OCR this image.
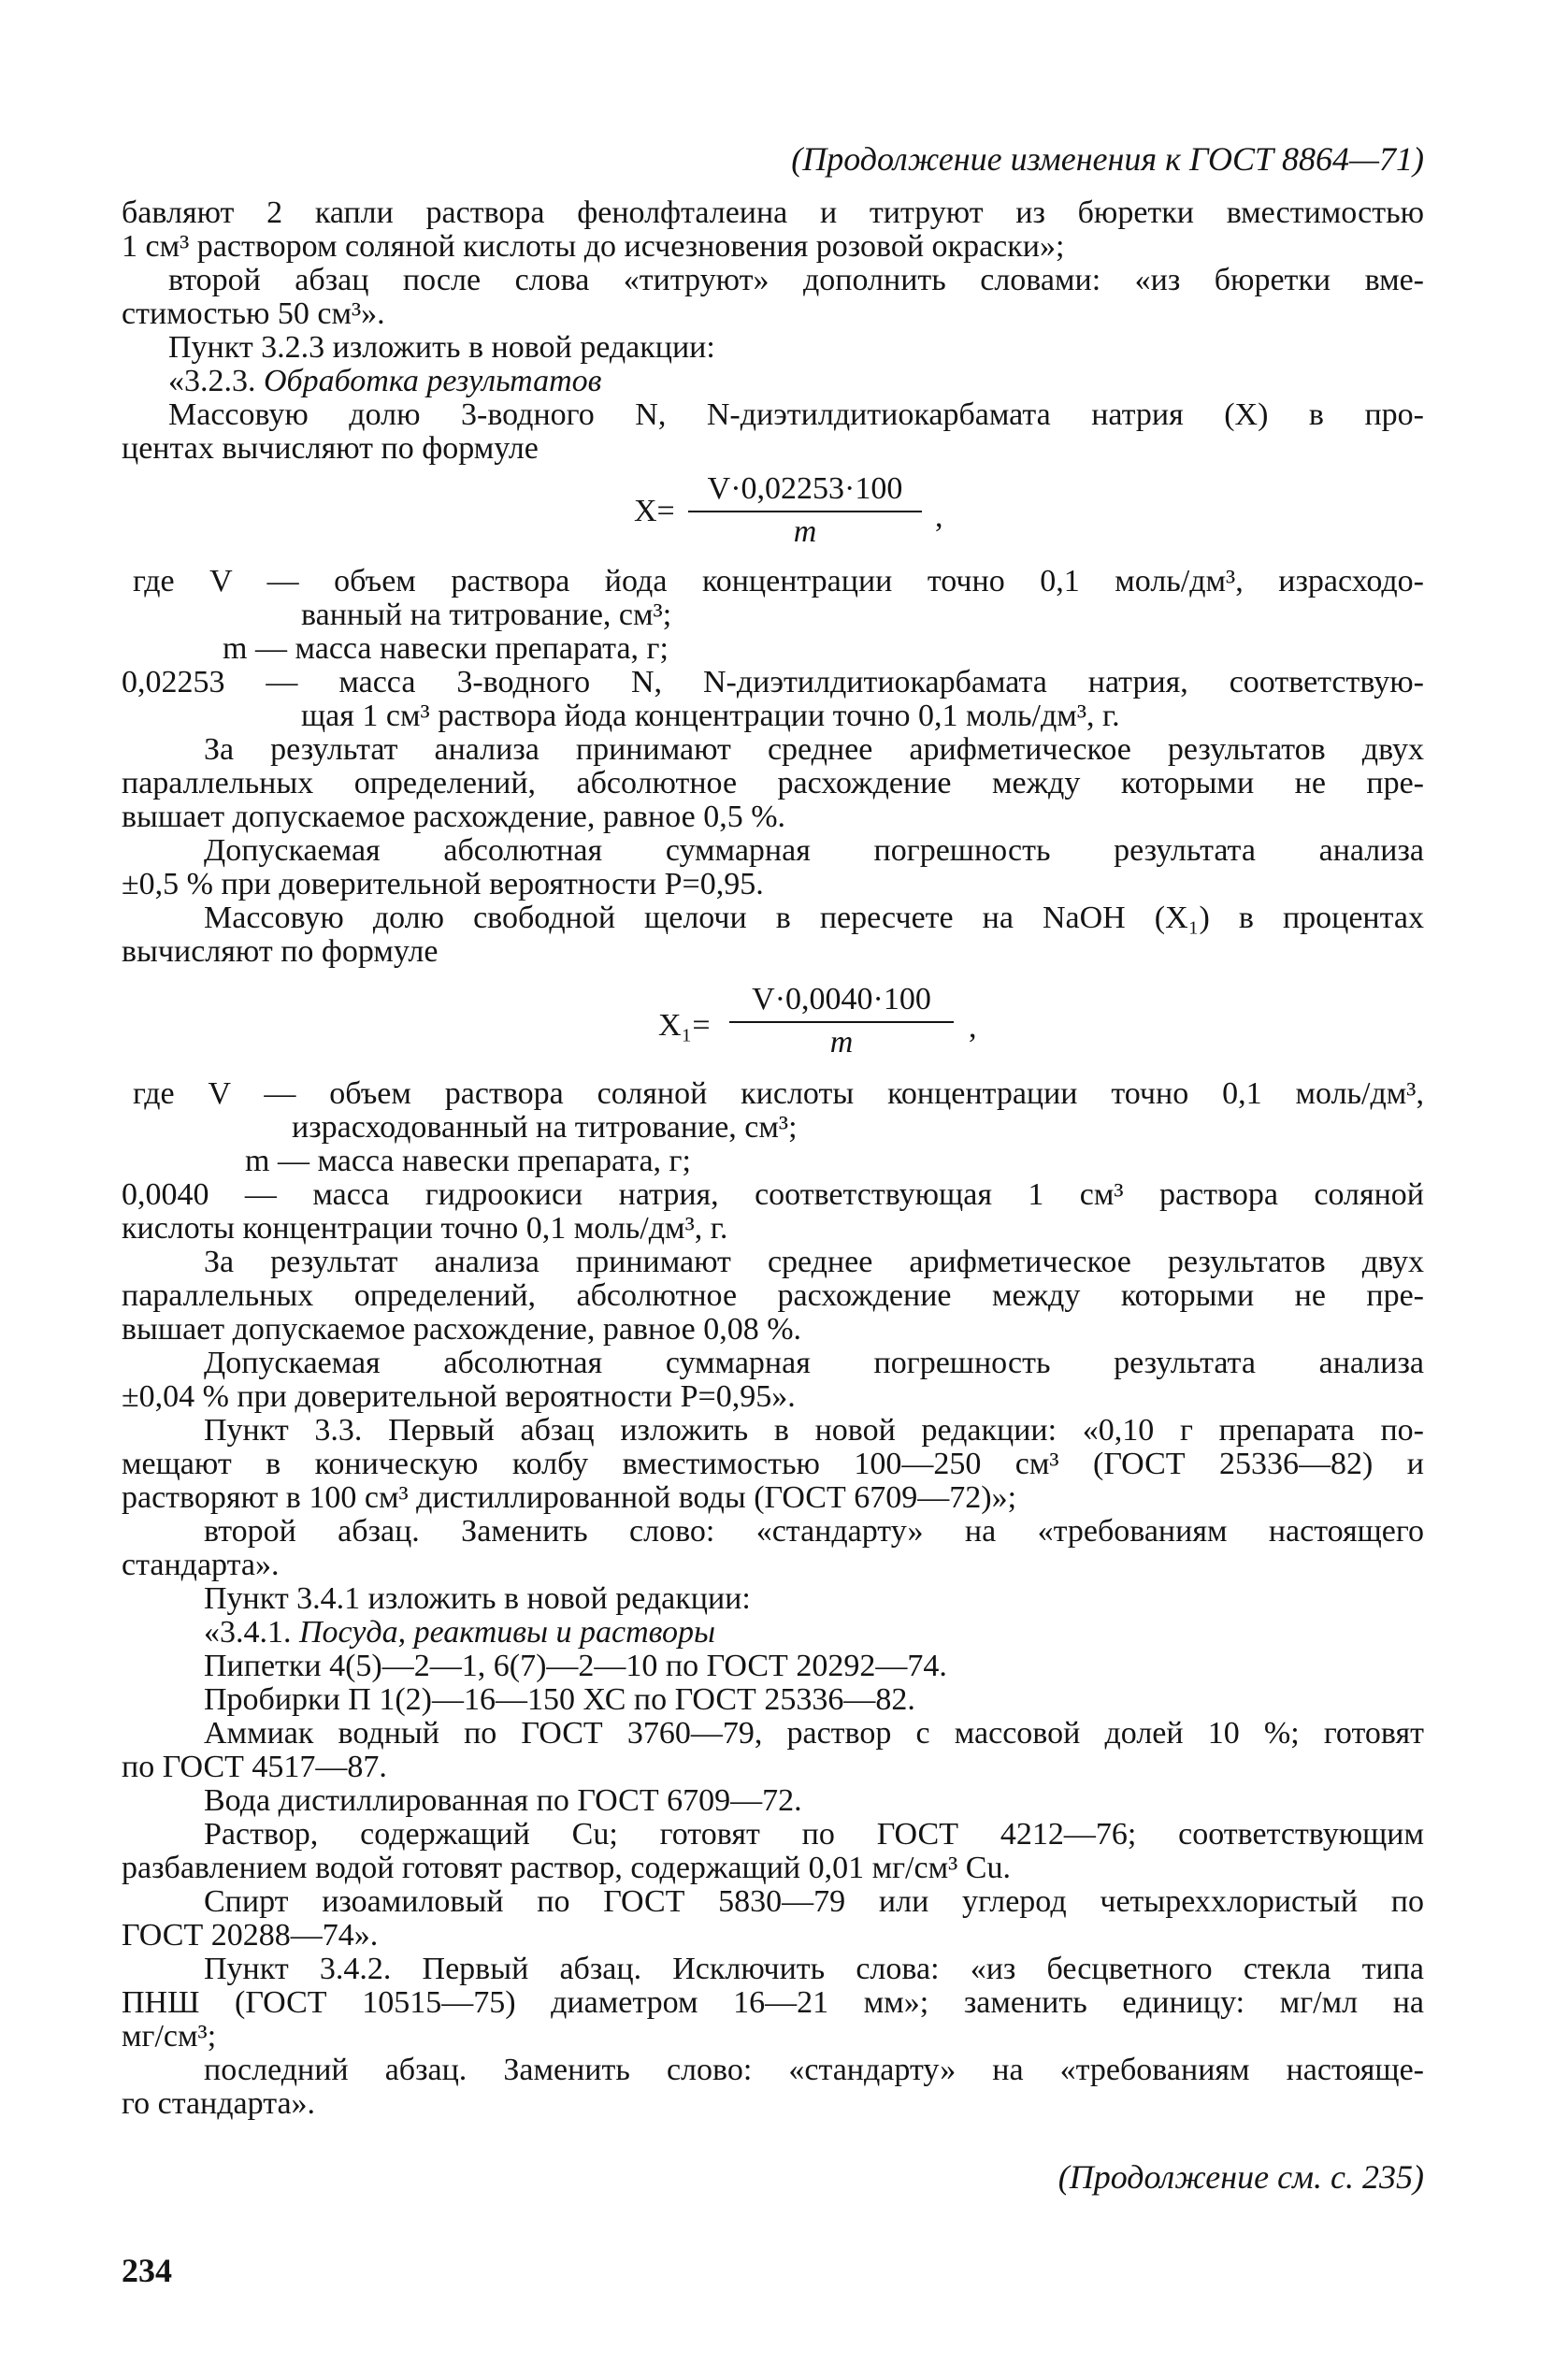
(Продолжение изменения к ГОСТ 8864—71)
бавляют 2 капли раствора фенолфталеина и титруют из бюретки вместимостью
1 см³ раствором соляной кислоты до исчезновения розовой окраски»;
второй абзац после слова «титруют» дополнить словами: «из бюретки вме-
стимостью 50 см³».
Пункт 3.2.3 изложить в новой редакции:
«3.2.3. Обработка результатов
Массовую долю 3-водного N, N-диэтилдитиокарбамата натрия (X) в про-
центах вычисляют по формуле
X=
V·0,02253·100
m	,
где V — объем раствора йода концентрации точно 0,1 моль/дм³, израсходо-
ванный на титрование, см³;
m — масса навески препарата, г;
0,02253 — масса 3-водного N, N-диэтилдитиокарбамата натрия, соответствую-
щая 1 см³ раствора йода концентрации точно 0,1 моль/дм³, г.
За результат анализа принимают среднее арифметическое результатов двух
параллельных определений, абсолютное расхождение между которыми не пре-
вышает допускаемое расхождение, равное 0,5 %.
Допускаемая абсолютная суммарная погрешность результата анализа
±0,5 % при доверительной вероятности P=0,95.
Массовую долю свободной щелочи в пересчете на NaOH (X₁) в процентах
вычисляют по формуле
X₁=
V·0,0040·100
m	,
где V — объем раствора соляной кислоты концентрации точно 0,1 моль/дм³,
израсходованный на титрование, см³;
m — масса навески препарата, г;
0,0040 — масса гидроокиси натрия, соответствующая 1 см³ раствора соляной
кислоты концентрации точно 0,1 моль/дм³, г.
За результат анализа принимают среднее арифметическое результатов двух
параллельных определений, абсолютное расхождение между которыми не пре-
вышает допускаемое расхождение, равное 0,08 %.
Допускаемая абсолютная суммарная погрешность результата анализа
±0,04 % при доверительной вероятности P=0,95».
Пункт 3.3. Первый абзац изложить в новой редакции: «0,10 г препарата по-
мещают в коническую колбу вместимостью 100—250 см³ (ГОСТ 25336—82) и
растворяют в 100 см³ дистиллированной воды (ГОСТ 6709—72)»;
второй абзац. Заменить слово: «стандарту» на «требованиям настоящего
стандарта».
Пункт 3.4.1 изложить в новой редакции:
«3.4.1. Посуда, реактивы и растворы
Пипетки 4(5)—2—1, 6(7)—2—10 по ГОСТ 20292—74.
Пробирки П 1(2)—16—150 ХС по ГОСТ 25336—82.
Аммиак водный по ГОСТ 3760—79, раствор с массовой долей 10 %; готовят
по ГОСТ 4517—87.
Вода дистиллированная по ГОСТ 6709—72.
Раствор, содержащий Cu; готовят по ГОСТ 4212—76; соответствующим
разбавлением водой готовят раствор, содержащий 0,01 мг/см³ Cu.
Спирт изоамиловый по ГОСТ 5830—79 или углерод четыреххлористый по
ГОСТ 20288—74».
Пункт 3.4.2. Первый абзац. Исключить слова: «из бесцветного стекла типа
ПНШ (ГОСТ 10515—75) диаметром 16—21 мм»; заменить единицу: мг/мл на
мг/см³;
последний абзац. Заменить слово: «стандарту» на «требованиям настояще-
го стандарта».
(Продолжение см. с. 235)
234
